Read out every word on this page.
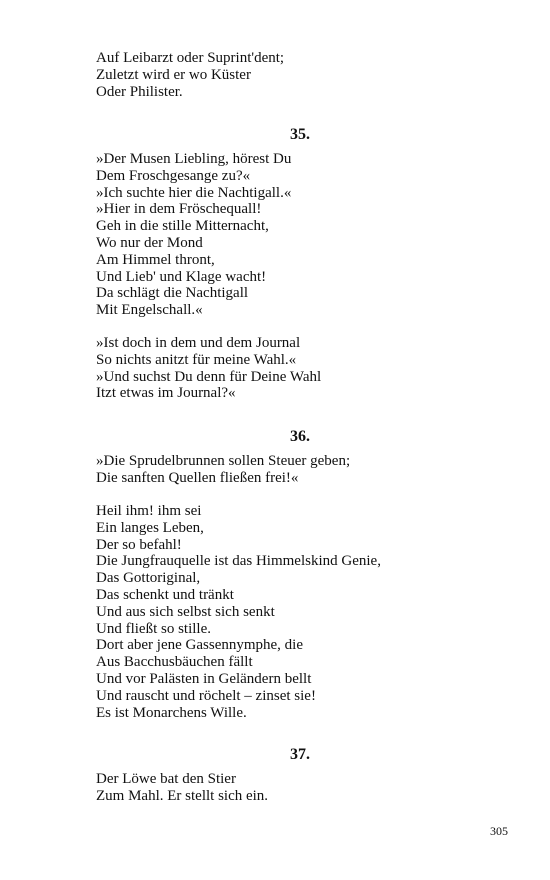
Auf Leibarzt oder Suprint'dent;
Zuletzt wird er wo Küster
Oder Philister.
35.
»Der Musen Liebling, hörest Du
Dem Froschgesange zu?«
»Ich suchte hier die Nachtigall.«
»Hier in dem Fröschequall!
Geh in die stille Mitternacht,
Wo nur der Mond
Am Himmel thront,
Und Lieb' und Klage wacht!
Da schlägt die Nachtigall
Mit Engelschall.«
»Ist doch in dem und dem Journal
So nichts anitzt für meine Wahl.«
»Und suchst Du denn für Deine Wahl
Itzt etwas im Journal?«
36.
»Die Sprudelbrunnen sollen Steuer geben;
Die sanften Quellen fließen frei!«
Heil ihm! ihm sei
Ein langes Leben,
Der so befahl!
Die Jungfrauquelle ist das Himmelskind Genie,
Das Gottoriginal,
Das schenkt und tränkt
Und aus sich selbst sich senkt
Und fließt so stille.
Dort aber jene Gassennymphe, die
Aus Bacchusbäuchen fällt
Und vor Palästen in Geländern bellt
Und rauscht und röchelt – zinset sie!
Es ist Monarchens Wille.
37.
Der Löwe bat den Stier
Zum Mahl. Er stellt sich ein.
305
